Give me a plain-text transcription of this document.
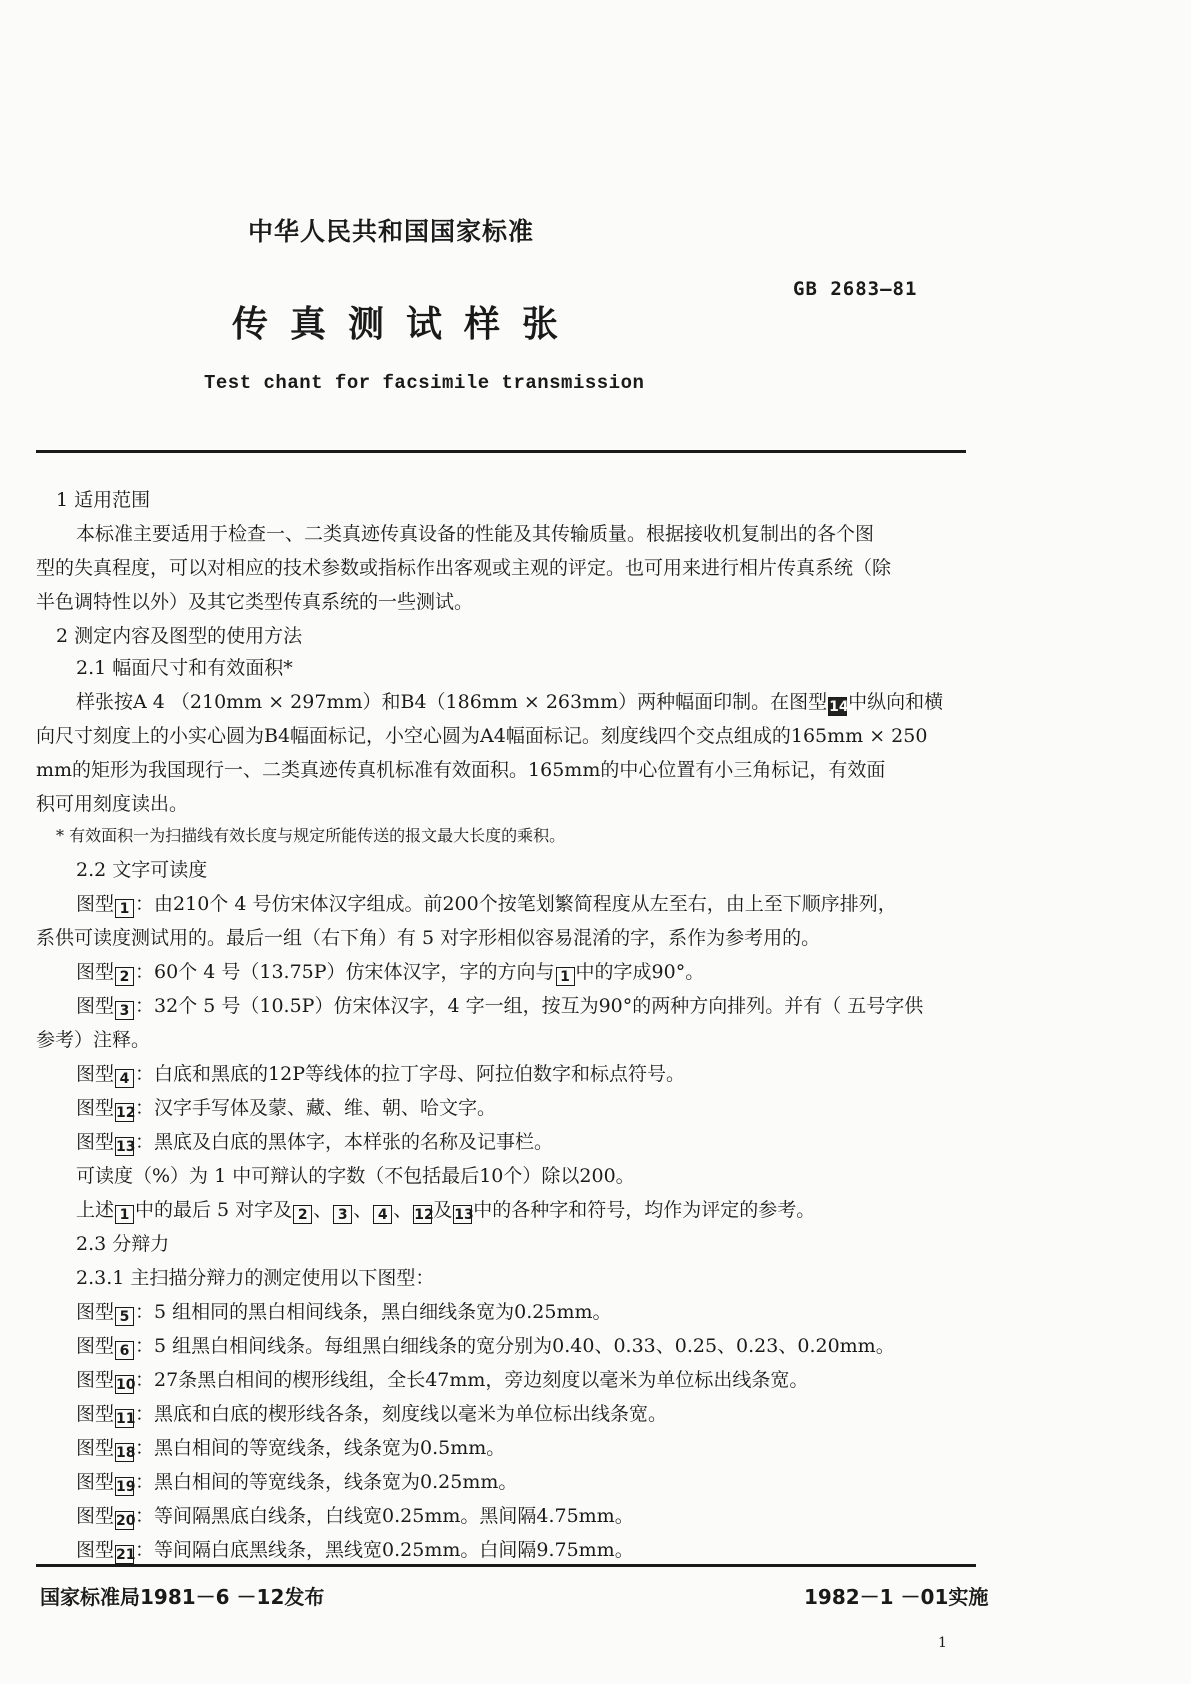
中华人民共和国国家标准
GB 2683—81
传真测试样张
Test chant for facsimile transmission
1 适用范围
本标准主要适用于检查一、二类真迹传真设备的性能及其传输质量。根据接收机复制出的各个图
型的失真程度，可以对相应的技术参数或指标作出客观或主观的评定。也可用来进行相片传真系统（除
半色调特性以外）及其它类型传真系统的一些测试。
2 测定内容及图型的使用方法
2.1 幅面尺寸和有效面积*
样张按A 4 （210mm × 297mm）和B4（186mm × 263mm）两种幅面印制。在图型 14中纵向和横
向尺寸刻度上的小实心圆为B4幅面标记，小空心圆为A4幅面标记。刻度线四个交点组成的165mm × 250
mm的矩形为我国现行一、二类真迹传真机标准有效面积。165mm的中心位置有小三角标记，有效面
积可用刻度读出。
* 有效面积一为扫描线有效长度与规定所能传送的报文最大长度的乘积。
2.2 文字可读度
图型 1 ：由210个 4 号仿宋体汉字组成。前200个按笔划繁简程度从左至右，由上至下顺序排列，
系供可读度测试用的。最后一组（右下角）有 5 对字形相似容易混淆的字，系作为参考用的。
图型 2 ：60个 4 号（13.75P）仿宋体汉字，字的方向与 1 中的字成90°。
图型 3 ：32个 5 号（10.5P）仿宋体汉字，4 字一组，按互为90°的两种方向排列。并有（ 五号字供
参考）注释。
图型 4 ：白底和黑底的12P等线体的拉丁字母、阿拉伯数字和标点符号。
图型 12：汉字手写体及蒙、藏、维、朝、哈文字。
图型 13：黑底及白底的黑体字，本样张的名称及记事栏。
可读度（%）为 1 中可辩认的字数（不包括最后10个）除以200。
上述 1 中的最后 5 对字及 2 、 3 、 4 、 12及 13中的各种字和符号，均作为评定的参考。
2.3 分辩力
2.3.1 主扫描分辩力的测定使用以下图型：
图型 5 ：5 组相同的黑白相间线条，黑白细线条宽为0.25mm。
图型 6 ：5 组黑白相间线条。每组黑白细线条的宽分别为0.40、0.33、0.25、0.23、0.20mm。
图型 10：27条黑白相间的楔形线组，全长47mm，旁边刻度以毫米为单位标出线条宽。
图型 11：黑底和白底的楔形线各条，刻度线以毫米为单位标出线条宽。
图型 18：黑白相间的等宽线条，线条宽为0.5mm。
图型 19：黑白相间的等宽线条，线条宽为0.25mm。
图型 20：等间隔黑底白线条，白线宽0.25mm。黑间隔4.75mm。
图型 21：等间隔白底黑线条，黑线宽0.25mm。白间隔9.75mm。
国家标准局1981－6 －12发布	1982－1 －01实施
1
